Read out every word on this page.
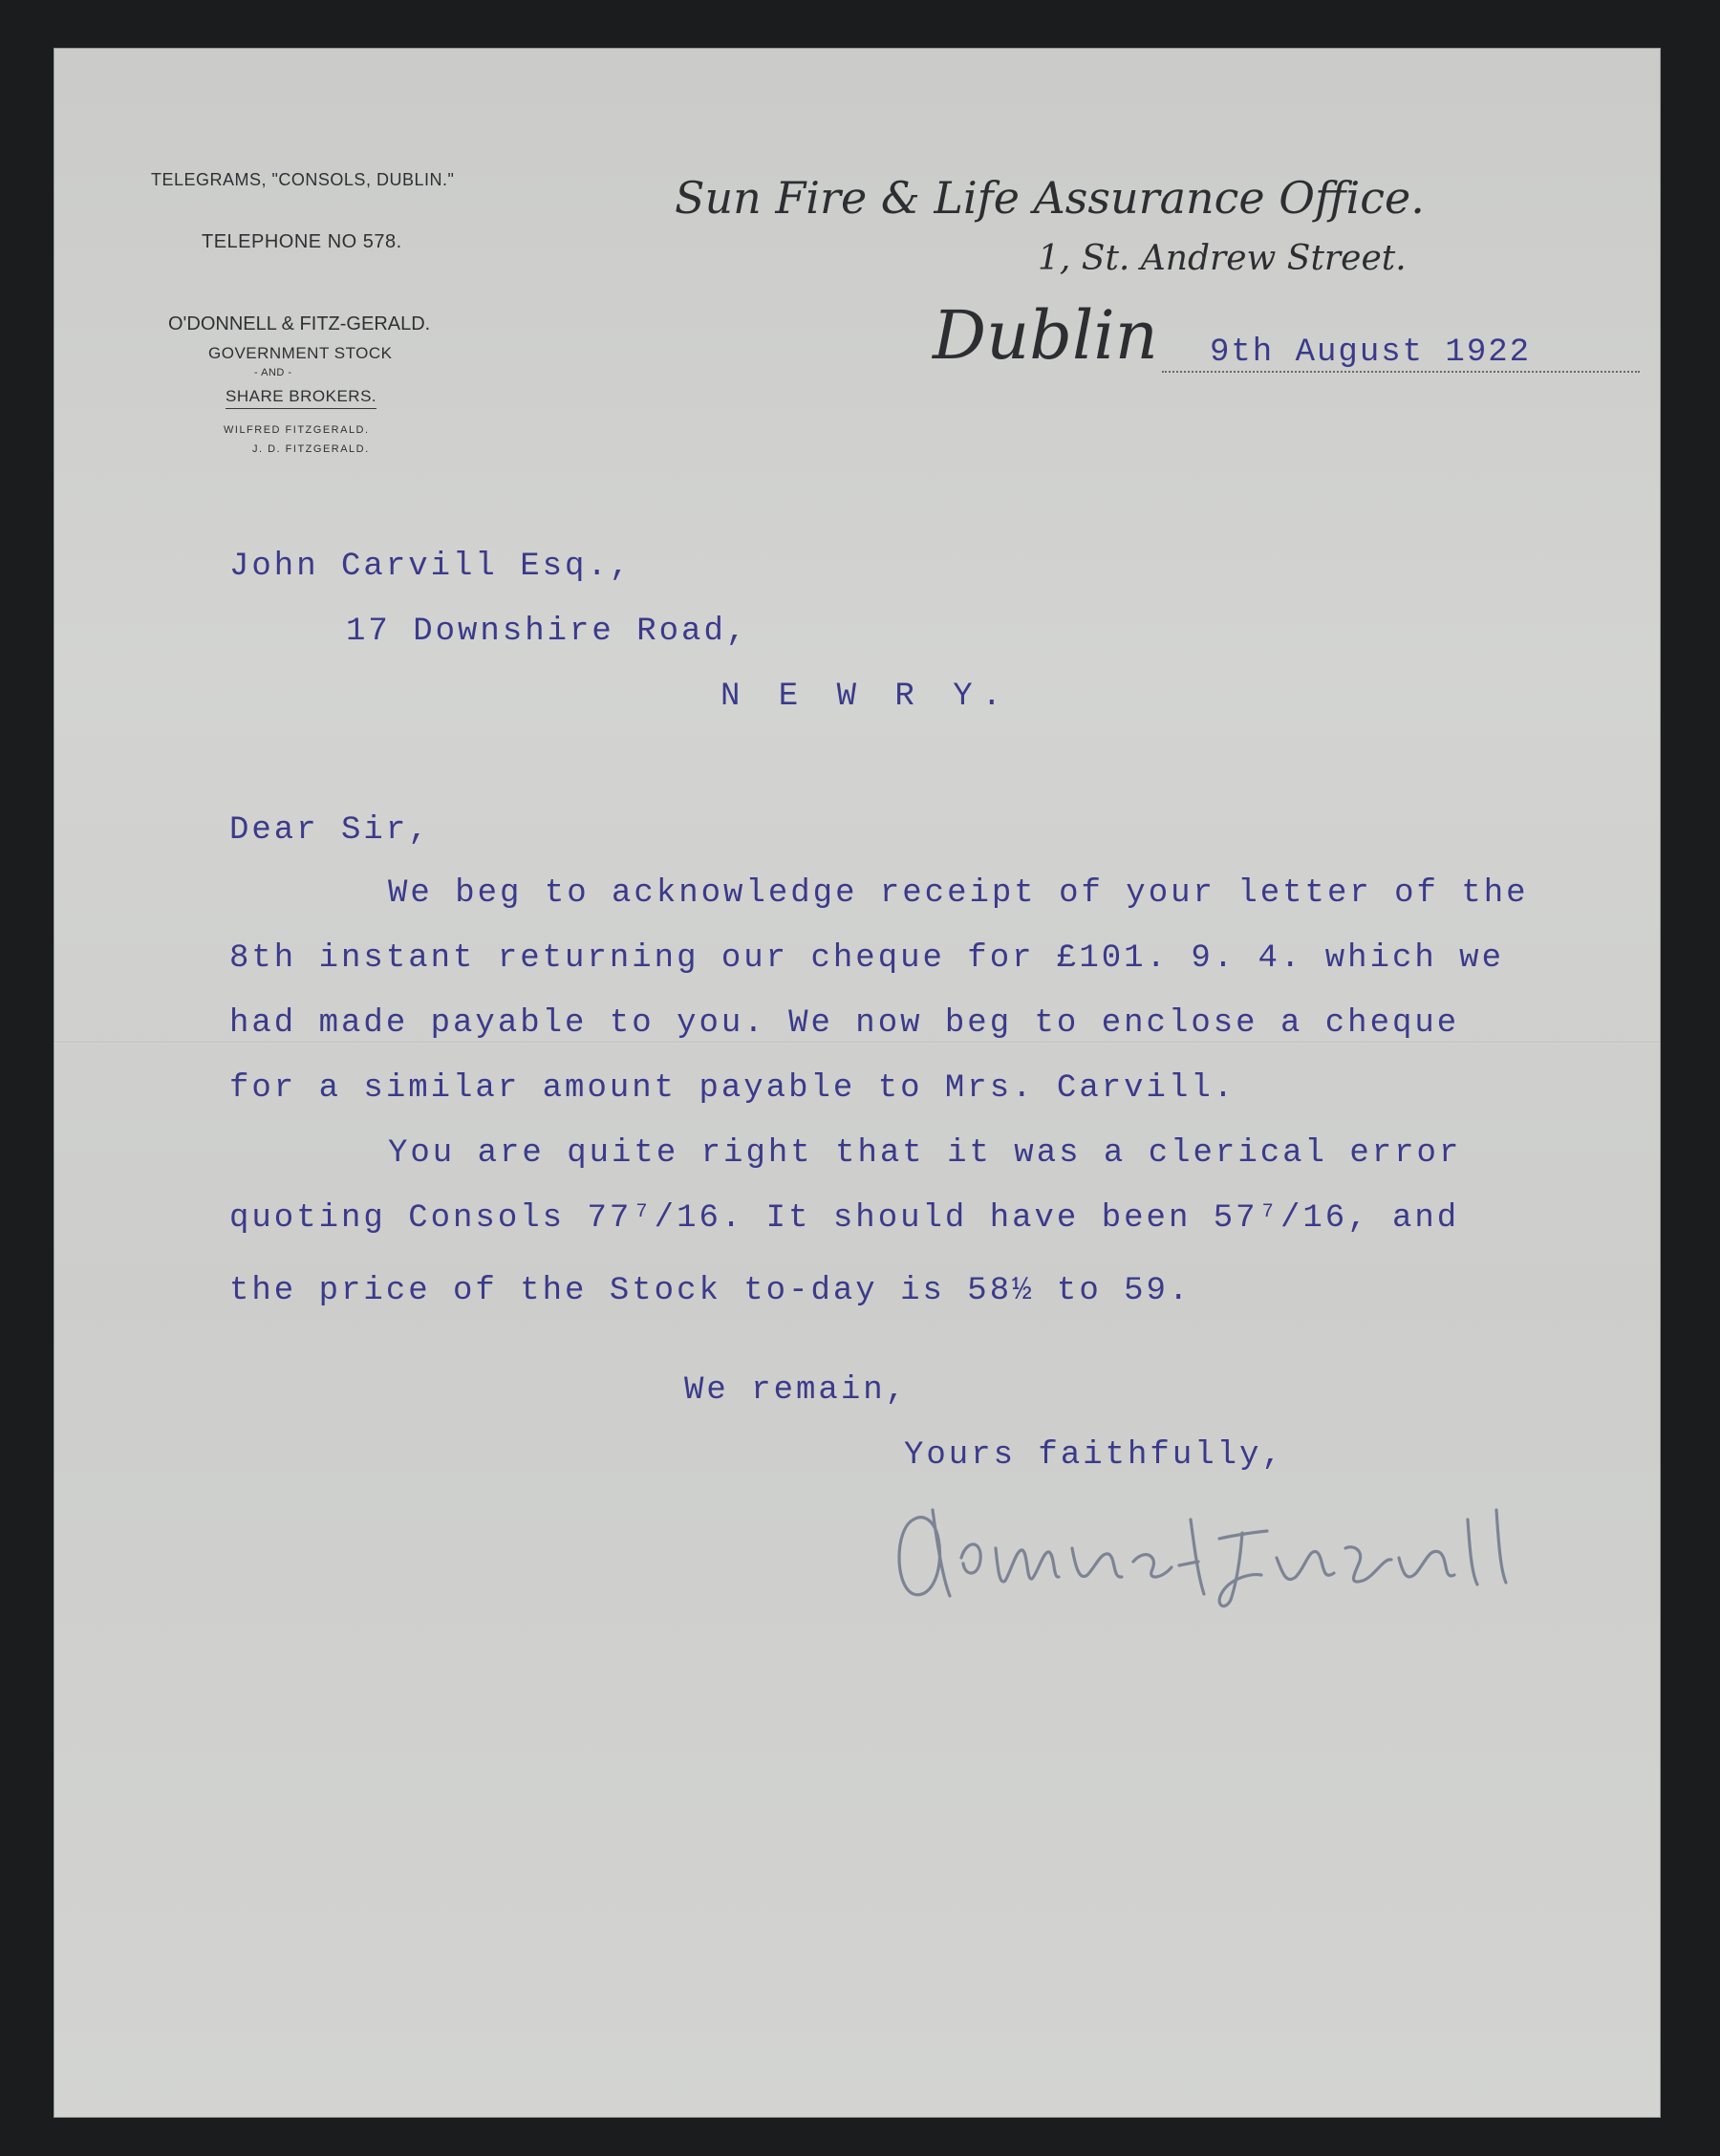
TELEGRAMS, "CONSOLS, DUBLIN."
TELEPHONE NO 578.
O'DONNELL & FITZ-GERALD.
GOVERNMENT STOCK
- AND -
SHARE BROKERS.
WILFRED FITZGERALD.
J. D. FITZGERALD.
Sun Fire & Life Assurance Office.
1, St. Andrew Street.
Dublin 9th August 1922
John Carvill Esq.,
17 Downshire Road,
N E W R Y.
Dear Sir,
We beg to acknowledge receipt of your letter of the
8th instant returning our cheque for £101. 9. 4. which we
had made payable to you. We now beg to enclose a cheque
for a similar amount payable to Mrs. Carvill.
You are quite right that it was a clerical error
quoting Consols 77⁷/16. It should have been 57⁷/16, and
the price of the Stock to-day is 58½ to 59.
We remain,
Yours faithfully,
